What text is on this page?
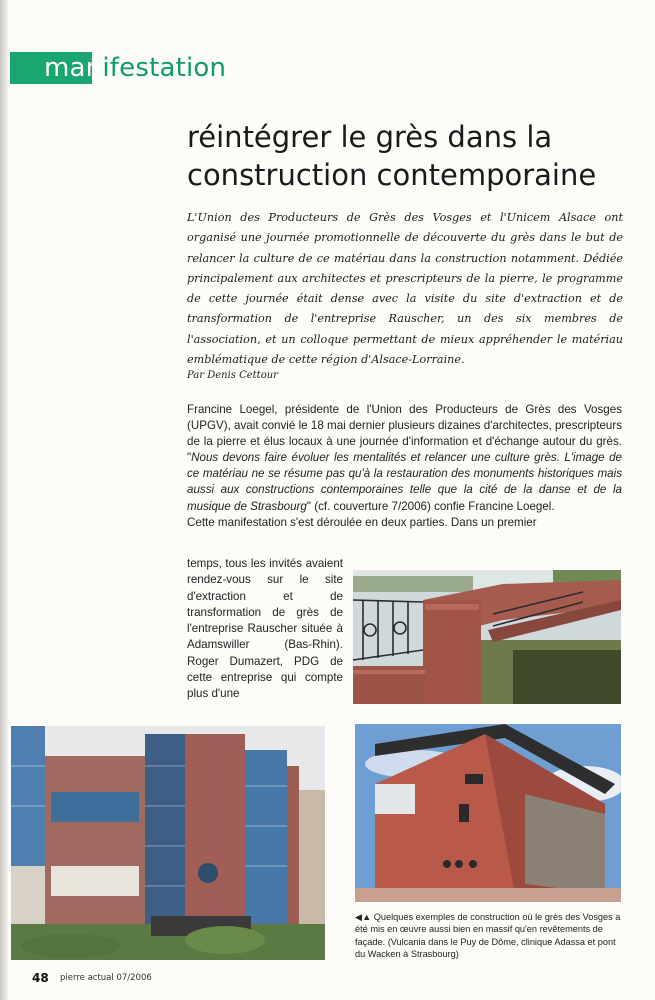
manifestation
réintégrer le grès dans la construction contemporaine

L'Union des Producteurs de Grès des Vosges et l'Unicem Alsace ont organisé une journée promotionnelle de découverte du grès dans le but de relancer la culture de ce matériau dans la construction notamment. Dédiée principalement aux architectes et prescripteurs de la pierre, le programme de cette journée était dense avec la visite du site d'extraction et de transformation de l'entreprise Rauscher, un des six membres de l'association, et un colloque permettant de mieux appréhender le matériau emblématique de cette région d'Alsace-Lorraine.

Par Denis Cettour

Francine Loegel, présidente de l'Union des Producteurs de Grès des Vosges (UPGV), avait convié le 18 mai dernier plusieurs dizaines d'architectes, prescripteurs de la pierre et élus locaux à une journée d'information et d'échange autour du grès. "Nous devons faire évoluer les mentalités et relancer une culture grès. L'image de ce matériau ne se résume pas qu'à la restauration des monuments historiques mais aussi aux constructions contemporaines telle que la cité de la danse et de la musique de Strasbourg" (cf. couverture 7/2006) confie Francine Loegel.
Cette manifestation s'est déroulée en deux parties. Dans un premier

temps, tous les invités avaient rendez-vous sur le site d'extraction et de transformation de grès de l'entreprise Rauscher située à Adamswiller (Bas-Rhin). Roger Dumazert, PDG de cette entreprise qui compte plus d'une

◀▲ Quelques exemples de construction où le grès des Vosges a été mis en œuvre aussi bien en massif qu'en revêtements de façade. (Vulcania dans le Puy de Dôme, clinique Adassa et pont du Wacken à Strasbourg)

48 pierre actual 07/2006
